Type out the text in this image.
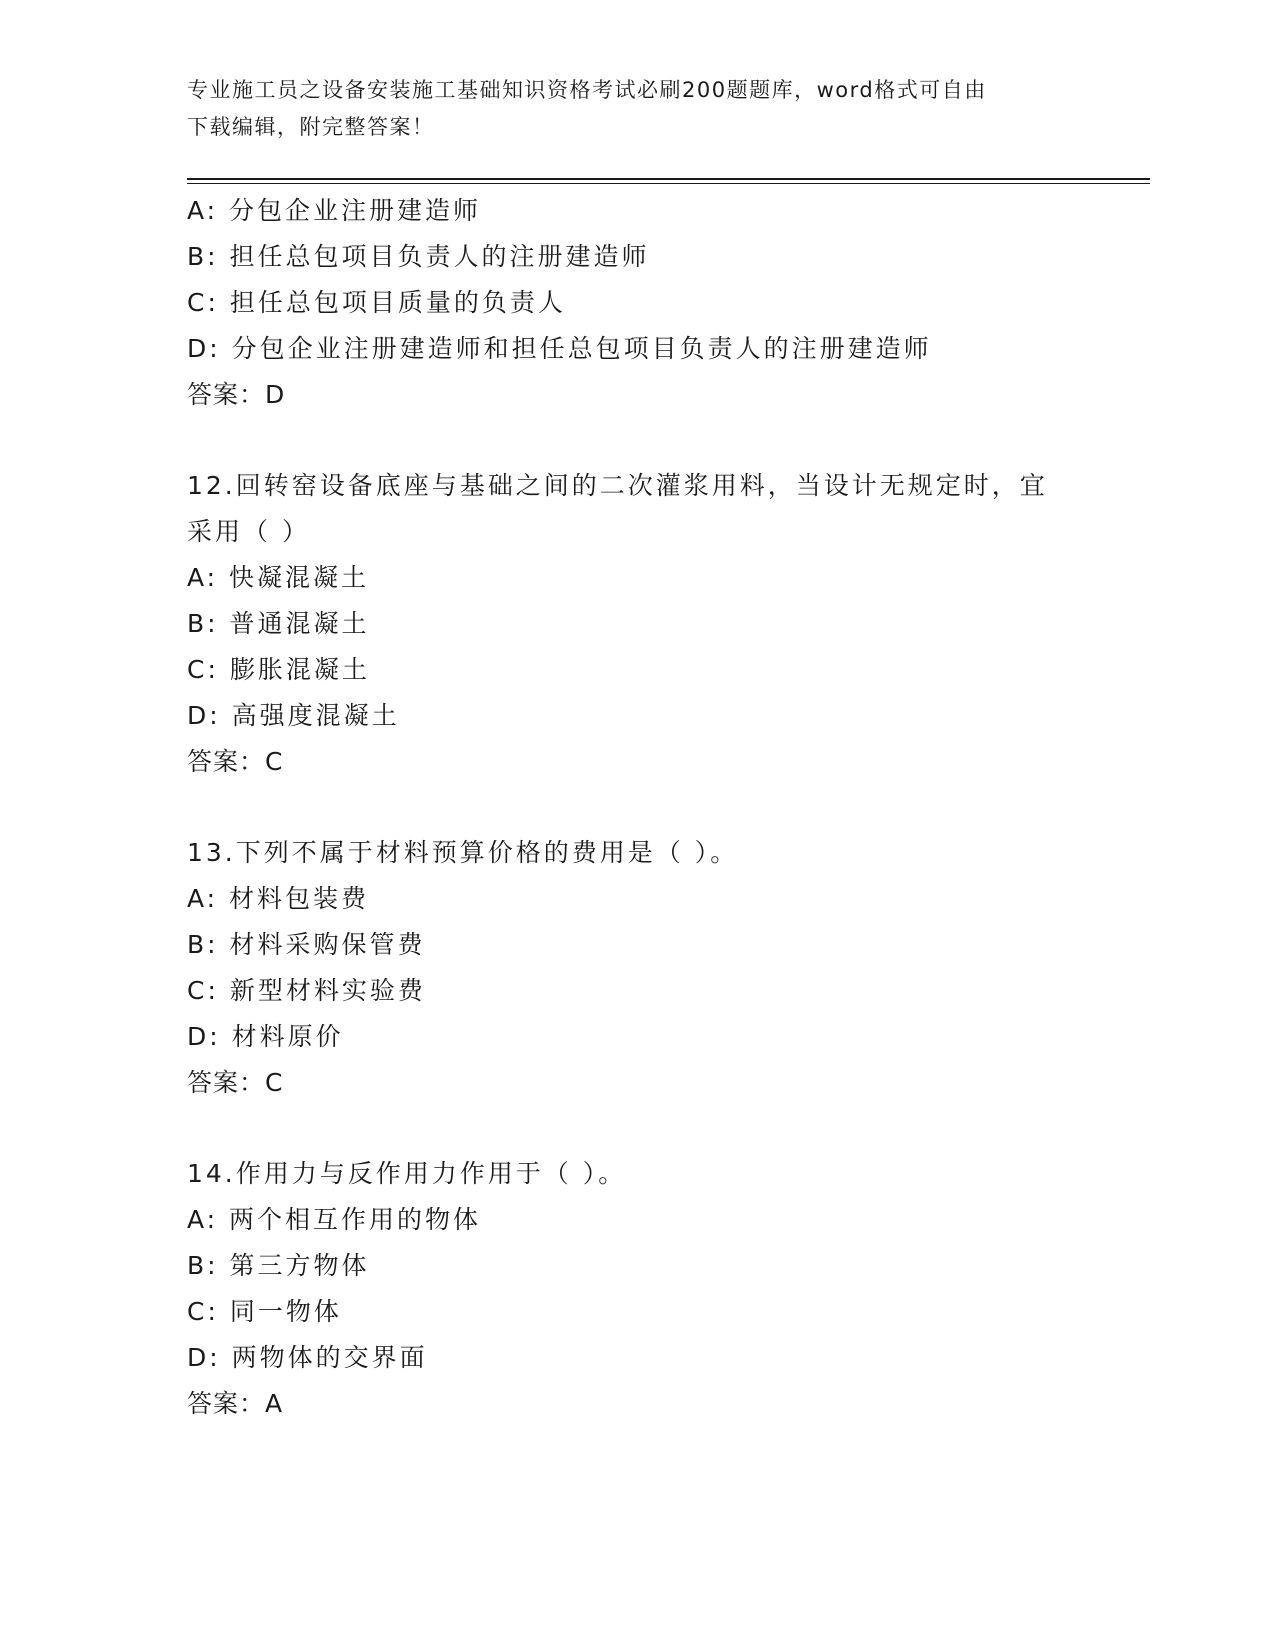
专业施工员之设备安装施工基础知识资格考试必刷200题题库，word格式可自由
下载编辑，附完整答案！
A: 分包企业注册建造师
B: 担任总包项目负责人的注册建造师
C: 担任总包项目质量的负责人
D: 分包企业注册建造师和担任总包项目负责人的注册建造师
答案：D
12.回转窑设备底座与基础之间的二次灌浆用料，当设计无规定时，宜
采用（ ）
A: 快凝混凝土
B: 普通混凝土
C: 膨胀混凝土
D: 高强度混凝土
答案：C
13.下列不属于材料预算价格的费用是（ ）。
A: 材料包装费
B: 材料采购保管费
C: 新型材料实验费
D: 材料原价
答案：C
14.作用力与反作用力作用于（ ）。
A: 两个相互作用的物体
B: 第三方物体
C: 同一物体
D: 两物体的交界面
答案：A
